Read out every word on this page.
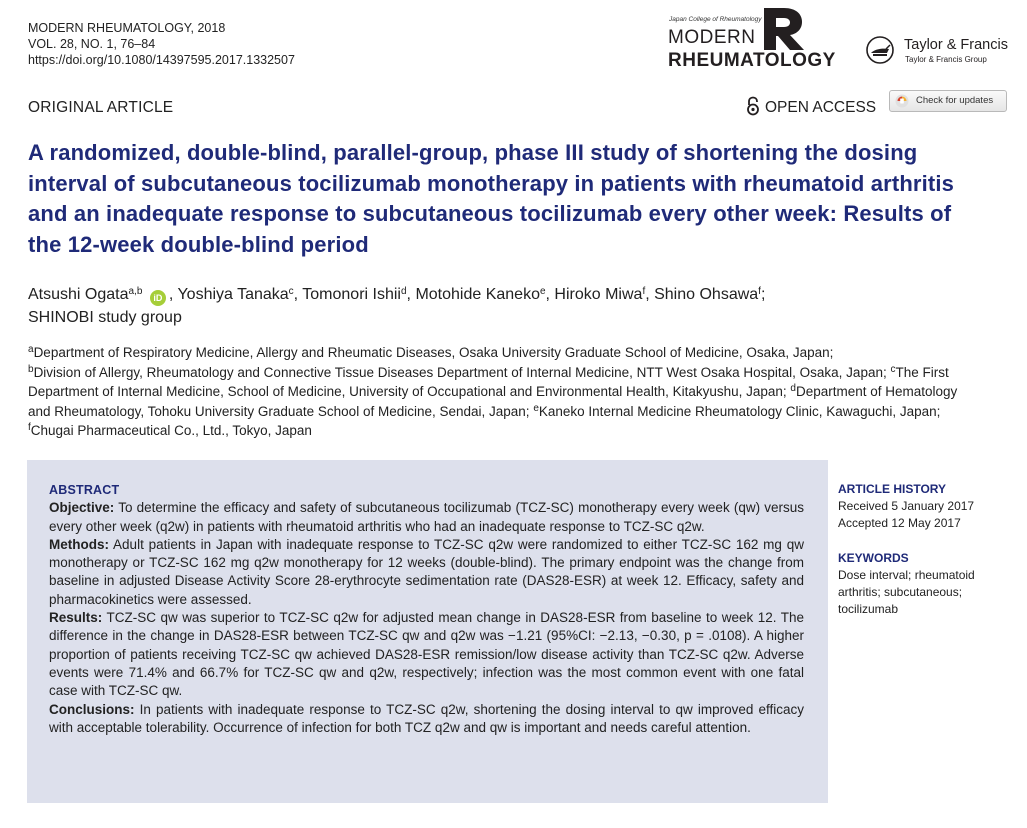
MODERN RHEUMATOLOGY, 2018
VOL. 28, NO. 1, 76–84
https://doi.org/10.1080/14397595.2017.1332507
Japan College of Rheumatology
MODERN
RHEUMATOLOGY
Taylor & Francis
Taylor & Francis Group
ORIGINAL ARTICLE	OPEN ACCESS	Check for updates
A randomized, double-blind, parallel-group, phase III study of shortening the dosing interval of subcutaneous tocilizumab monotherapy in patients with rheumatoid arthritis and an inadequate response to subcutaneous tocilizumab every other week: Results of the 12-week double-blind period
Atsushi Ogata$^{a,b}$ iD , Yoshiya Tanaka$^c$, Tomonori Ishii$^d$, Motohide Kaneko$^e$, Hiroko Miwa$^f$, Shino Ohsawa$^f$;
SHINOBI study group
$^a$Department of Respiratory Medicine, Allergy and Rheumatic Diseases, Osaka University Graduate School of Medicine, Osaka, Japan;
$^b$Division of Allergy, Rheumatology and Connective Tissue Diseases Department of Internal Medicine, NTT West Osaka Hospital, Osaka, Japan; $^c$The First Department of Internal Medicine, School of Medicine, University of Occupational and Environmental Health, Kitakyushu, Japan; $^d$Department of Hematology and Rheumatology, Tohoku University Graduate School of Medicine, Sendai, Japan; $^e$Kaneko Internal Medicine Rheumatology Clinic, Kawaguchi, Japan; $^f$Chugai Pharmaceutical Co., Ltd., Tokyo, Japan
ABSTRACT
Objective: To determine the efficacy and safety of subcutaneous tocilizumab (TCZ-SC) monotherapy every week (qw) versus every other week (q2w) in patients with rheumatoid arthritis who had an inadequate response to TCZ-SC q2w.
Methods: Adult patients in Japan with inadequate response to TCZ-SC q2w were randomized to either TCZ-SC 162 mg qw monotherapy or TCZ-SC 162 mg q2w monotherapy for 12 weeks (double-blind). The primary endpoint was the change from baseline in adjusted Disease Activity Score 28-erythrocyte sedimentation rate (DAS28-ESR) at week 12. Efficacy, safety and pharmacokinetics were assessed.
Results: TCZ-SC qw was superior to TCZ-SC q2w for adjusted mean change in DAS28-ESR from baseline to week 12. The difference in the change in DAS28-ESR between TCZ-SC qw and q2w was −1.21 (95%CI: −2.13, −0.30, p = .0108). A higher proportion of patients receiving TCZ-SC qw achieved DAS28-ESR remission/low disease activity than TCZ-SC q2w. Adverse events were 71.4% and 66.7% for TCZ-SC qw and q2w, respectively; infection was the most common event with one fatal case with TCZ-SC qw.
Conclusions: In patients with inadequate response to TCZ-SC q2w, shortening the dosing interval to qw improved efficacy with acceptable tolerability. Occurrence of infection for both TCZ q2w and qw is important and needs careful attention.
ARTICLE HISTORY
Received 5 January 2017
Accepted 12 May 2017
KEYWORDS
Dose interval; rheumatoid arthritis; subcutaneous; tocilizumab
